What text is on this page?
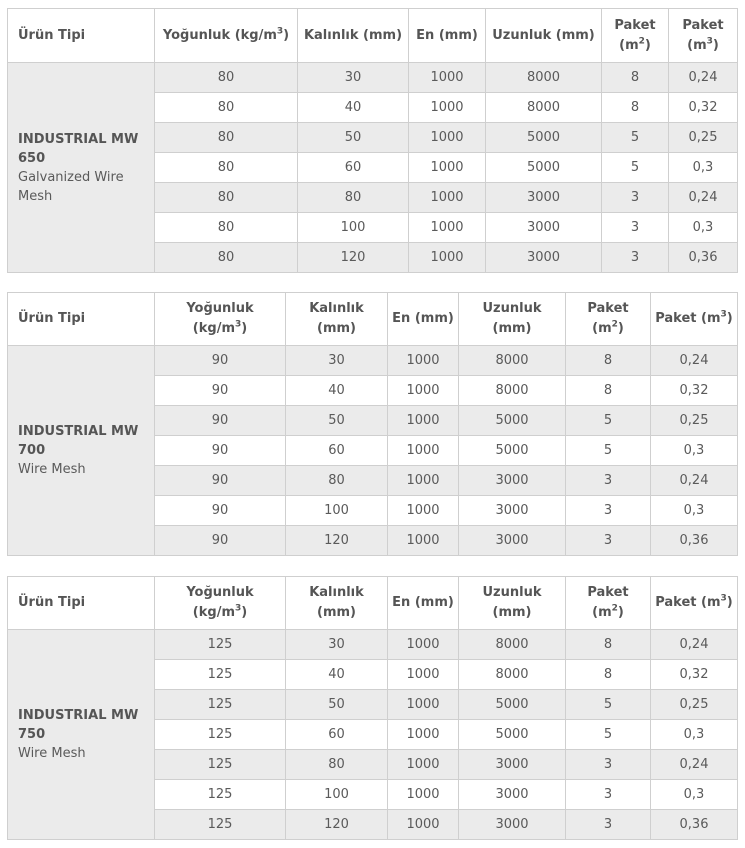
Ürün Tipi	Yoğunluk $(kg/m^3)$	Kalınlık (mm)	En (mm)	Uzunluk (mm)	Paket $(m^2)$	Paket $(m^3)$

INDUSTRIAL MW 650
Galvanized Wire Mesh	80	30	1000	8000	8	0,24
	80	40	1000	8000	8	0,32
	80	50	1000	5000	5	0,25
	80	60	1000	5000	5	0,3
	80	80	1000	3000	3	0,24
	80	100	1000	3000	3	0,3
	80	120	1000	3000	3	0,36
Ürün Tipi	Yoğunluk $(kg/m^3)$	Kalınlık (mm)	En (mm)	Uzunluk (mm)	Paket $(m^2)$	Paket $(m^3)$

INDUSTRIAL MW 700
Wire Mesh	90	30	1000	8000	8	0,24
	90	40	1000	8000	8	0,32
	90	50	1000	5000	5	0,25
	90	60	1000	5000	5	0,3
	90	80	1000	3000	3	0,24
	90	100	1000	3000	3	0,3
	90	120	1000	3000	3	0,36
Ürün Tipi	Yoğunluk $(kg/m^3)$	Kalınlık (mm)	En (mm)	Uzunluk (mm)	Paket $(m^2)$	Paket $(m^3)$

INDUSTRIAL MW 750
Wire Mesh	125	30	1000	8000	8	0,24
	125	40	1000	8000	8	0,32
	125	50	1000	5000	5	0,25
	125	60	1000	5000	5	0,3
	125	80	1000	3000	3	0,24
	125	100	1000	3000	3	0,3
	125	120	1000	3000	3	0,36
